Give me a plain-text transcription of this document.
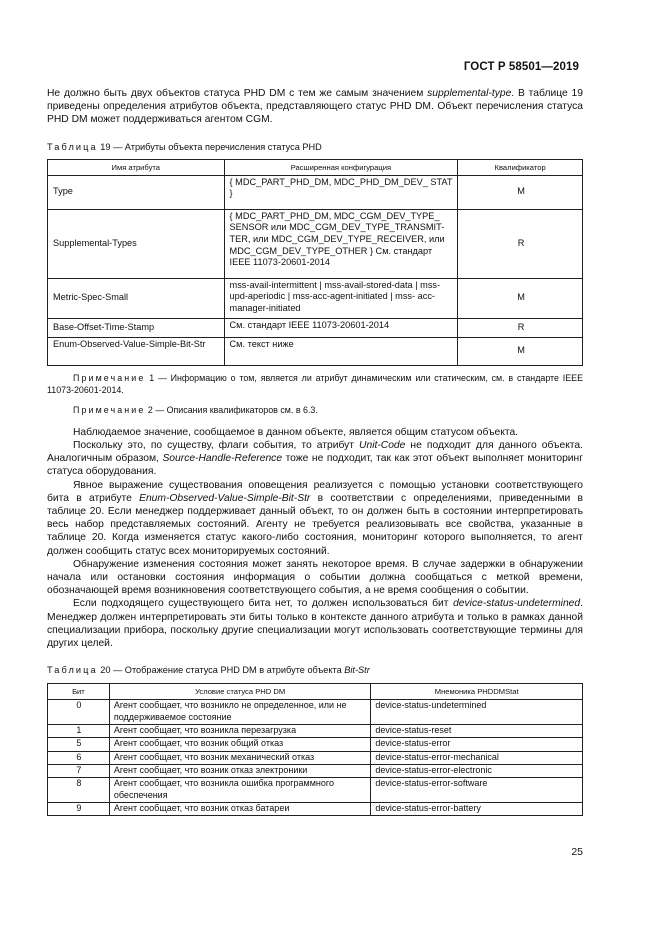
ГОСТ Р 58501—2019

Не должно быть двух объектов статуса PHD DM с тем же самым значением supplemental-type. В таблице 19 приведены определения атрибутов объекта, представляющего статус PHD DM. Объект перечисления статуса PHD DM может поддерживаться агентом CGM.

Таблица 19 — Атрибуты объекта перечисления статуса PHD

Имя атрибута	Расширенная конфигурация	Квалификатор
Type	{ MDC_PART_PHD_DM, MDC_PHD_DM_DEV_ STAT }	M
Supplemental-Types	{ MDC_PART_PHD_DM, MDC_CGM_DEV_TYPE_ SENSOR или MDC_CGM_DEV_TYPE_TRANSMIT- TER, или MDC_CGM_DEV_TYPE_RECEIVER, или MDC_CGM_DEV_TYPE_OTHER } См. стандарт IEEE 11073-20601-2014	R
Metric-Spec-Small	mss-avail-intermittent | mss-avail-stored-data | mss-upd-aperiodic | mss-acc-agent-initiated | mss- acc- manager-initiated	M
Base-Offset-Time-Stamp	См. стандарт IEEE 11073-20601-2014	R
Enum-Observed-Value-Simple-Bit-Str	См. текст ниже	M

Примечание 1 — Информацию о том, является ли атрибут динамическим или статическим, см. в стандарте IEEE 11073-20601-2014.

Примечание 2 — Описания квалификаторов см. в 6.3.

Наблюдаемое значение, сообщаемое в данном объекте, является общим статусом объекта.

Поскольку это, по существу, флаги события, то атрибут Unit-Code не подходит для данного объекта. Аналогичным образом, Source-Handle-Reference тоже не подходит, так как этот объект выполняет мониторинг статуса оборудования.

Явное выражение существования оповещения реализуется с помощью установки соответствующего бита в атрибуте Enum-Observed-Value-Simple-Bit-Str в соответствии с определениями, приведенными в таблице 20. Если менеджер поддерживает данный объект, то он должен быть в состоянии интерпретировать весь набор представляемых состояний. Агенту не требуется реализовывать все свойства, указанные в таблице 20. Когда изменяется статус какого-либо состояния, мониторинг которого выполняется, то агент должен сообщить статус всех мониторируемых состояний.

Обнаружение изменения состояния может занять некоторое время. В случае задержки в обнаружении начала или остановки состояния информация о событии должна сообщаться с меткой времени, обозначающей время возникновения соответствующего события, а не время сообщения о событии.

Если подходящего существующего бита нет, то должен использоваться бит device-status-undetermined. Менеджер должен интерпретировать эти биты только в контексте данного атрибута и только в рамках данной специализации прибора, поскольку другие специализации могут использовать соответствующие термины для других целей.

Таблица 20 — Отображение статуса PHD DM в атрибуте объекта Bit-Str

Бит	Условие статуса PHD DM	Мнемоника PHDDMStat
0	Агент сообщает, что возникло не определенное, или не поддерживаемое состояние	device-status-undetermined
1	Агент сообщает, что возникла перезагрузка	device-status-reset
5	Агент сообщает, что возник общий отказ	device-status-error
6	Агент сообщает, что возник механический отказ	device-status-error-mechanical
7	Агент сообщает, что возник отказ электроники	device-status-error-electronic
8	Агент сообщает, что возникла ошибка программного обеспечения	device-status-error-software
9	Агент сообщает, что возник отказ батареи	device-status-error-battery
25
